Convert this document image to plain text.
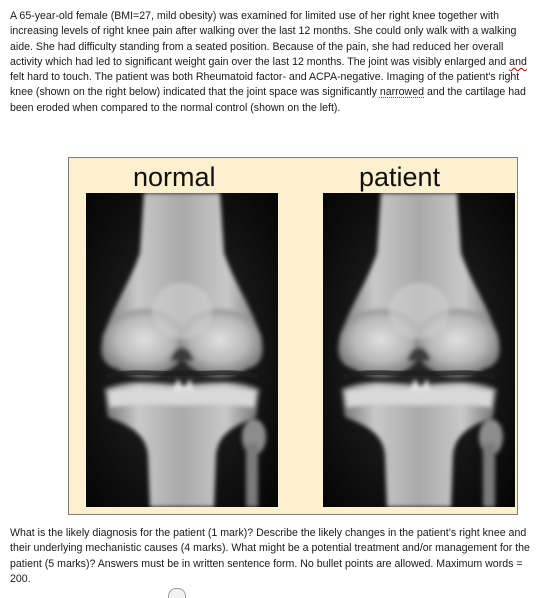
A 65-year-old female (BMI=27, mild obesity) was examined for limited use of her right knee together with increasing levels of right knee pain after walking over the last 12 months. She could only walk with a walking aide. She had difficulty standing from a seated position. Because of the pain, she had reduced her overall activity which had led to significant weight gain over the last 12 months. The joint was visibly enlarged and and felt hard to touch. The patient was both Rheumatoid factor- and ACPA-negative. Imaging of the patient's right knee (shown on the right below) indicated that the joint space was significantly narrowed and the cartilage had been eroded when compared to the normal control (shown on the left).

normal	patient

What is the likely diagnosis for the patient (1 mark)? Describe the likely changes in the patient’s right knee and their underlying mechanistic causes (4 marks). What might be a potential treatment and/or management for the patient (5 marks)? Answers must be in written sentence form. No bullet points are allowed. Maximum words = 200.
